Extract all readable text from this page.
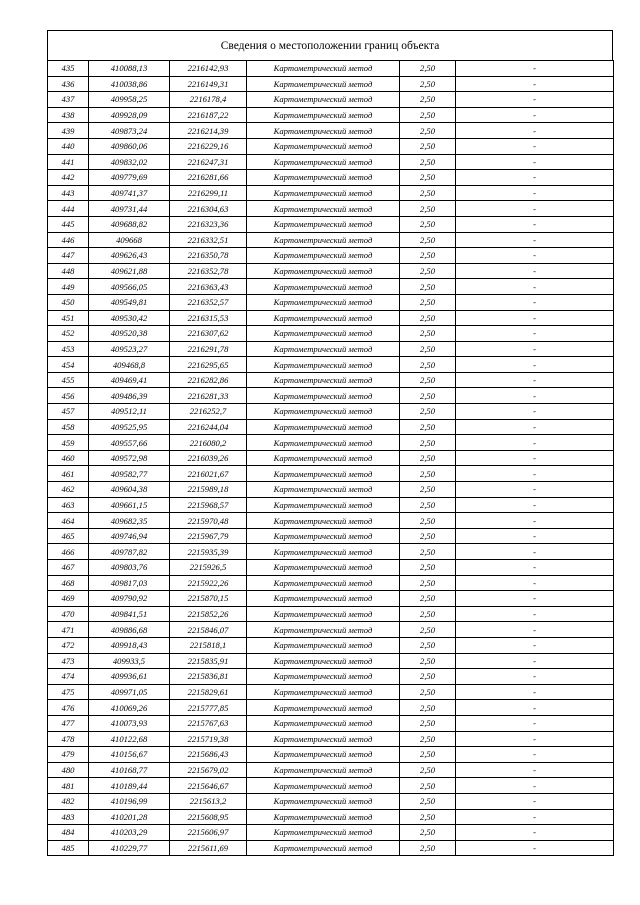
Сведения о местоположении границ объекта
435	410088,13	2216142,93	Картометрический метод	2,50	-
436	410038,86	2216149,31	Картометрический метод	2,50	-
437	409958,25	2216178,4	Картометрический метод	2,50	-
438	409928,09	2216187,22	Картометрический метод	2,50	-
439	409873,24	2216214,39	Картометрический метод	2,50	-
440	409860,06	2216229,16	Картометрический метод	2,50	-
441	409832,02	2216247,31	Картометрический метод	2,50	-
442	409779,69	2216281,66	Картометрический метод	2,50	-
443	409741,37	2216299,11	Картометрический метод	2,50	-
444	409731,44	2216304,63	Картометрический метод	2,50	-
445	409688,82	2216323,36	Картометрический метод	2,50	-
446	409668	2216332,51	Картометрический метод	2,50	-
447	409626,43	2216350,78	Картометрический метод	2,50	-
448	409621,88	2216352,78	Картометрический метод	2,50	-
449	409566,05	2216363,43	Картометрический метод	2,50	-
450	409549,81	2216352,57	Картометрический метод	2,50	-
451	409530,42	2216315,53	Картометрический метод	2,50	-
452	409520,38	2216307,62	Картометрический метод	2,50	-
453	409523,27	2216291,78	Картометрический метод	2,50	-
454	409468,8	2216295,65	Картометрический метод	2,50	-
455	409469,41	2216282,86	Картометрический метод	2,50	-
456	409486,39	2216281,33	Картометрический метод	2,50	-
457	409512,11	2216252,7	Картометрический метод	2,50	-
458	409525,95	2216244,04	Картометрический метод	2,50	-
459	409557,66	2216080,2	Картометрический метод	2,50	-
460	409572,98	2216039,26	Картометрический метод	2,50	-
461	409582,77	2216021,67	Картометрический метод	2,50	-
462	409604,38	2215989,18	Картометрический метод	2,50	-
463	409661,15	2215968,57	Картометрический метод	2,50	-
464	409682,35	2215970,48	Картометрический метод	2,50	-
465	409746,94	2215967,79	Картометрический метод	2,50	-
466	409787,82	2215935,39	Картометрический метод	2,50	-
467	409803,76	2215926,5	Картометрический метод	2,50	-
468	409817,03	2215922,26	Картометрический метод	2,50	-
469	409790,92	2215870,15	Картометрический метод	2,50	-
470	409841,51	2215852,26	Картометрический метод	2,50	-
471	409886,68	2215846,07	Картометрический метод	2,50	-
472	409918,43	2215818,1	Картометрический метод	2,50	-
473	409933,5	2215835,91	Картометрический метод	2,50	-
474	409936,61	2215836,81	Картометрический метод	2,50	-
475	409971,05	2215829,61	Картометрический метод	2,50	-
476	410069,26	2215777,85	Картометрический метод	2,50	-
477	410073,93	2215767,63	Картометрический метод	2,50	-
478	410122,68	2215719,38	Картометрический метод	2,50	-
479	410156,67	2215686,43	Картометрический метод	2,50	-
480	410168,77	2215679,02	Картометрический метод	2,50	-
481	410189,44	2215646,67	Картометрический метод	2,50	-
482	410196,99	2215613,2	Картометрический метод	2,50	-
483	410201,28	2215608,95	Картометрический метод	2,50	-
484	410203,29	2215606,97	Картометрический метод	2,50	-
485	410229,77	2215611,69	Картометрический метод	2,50	-
